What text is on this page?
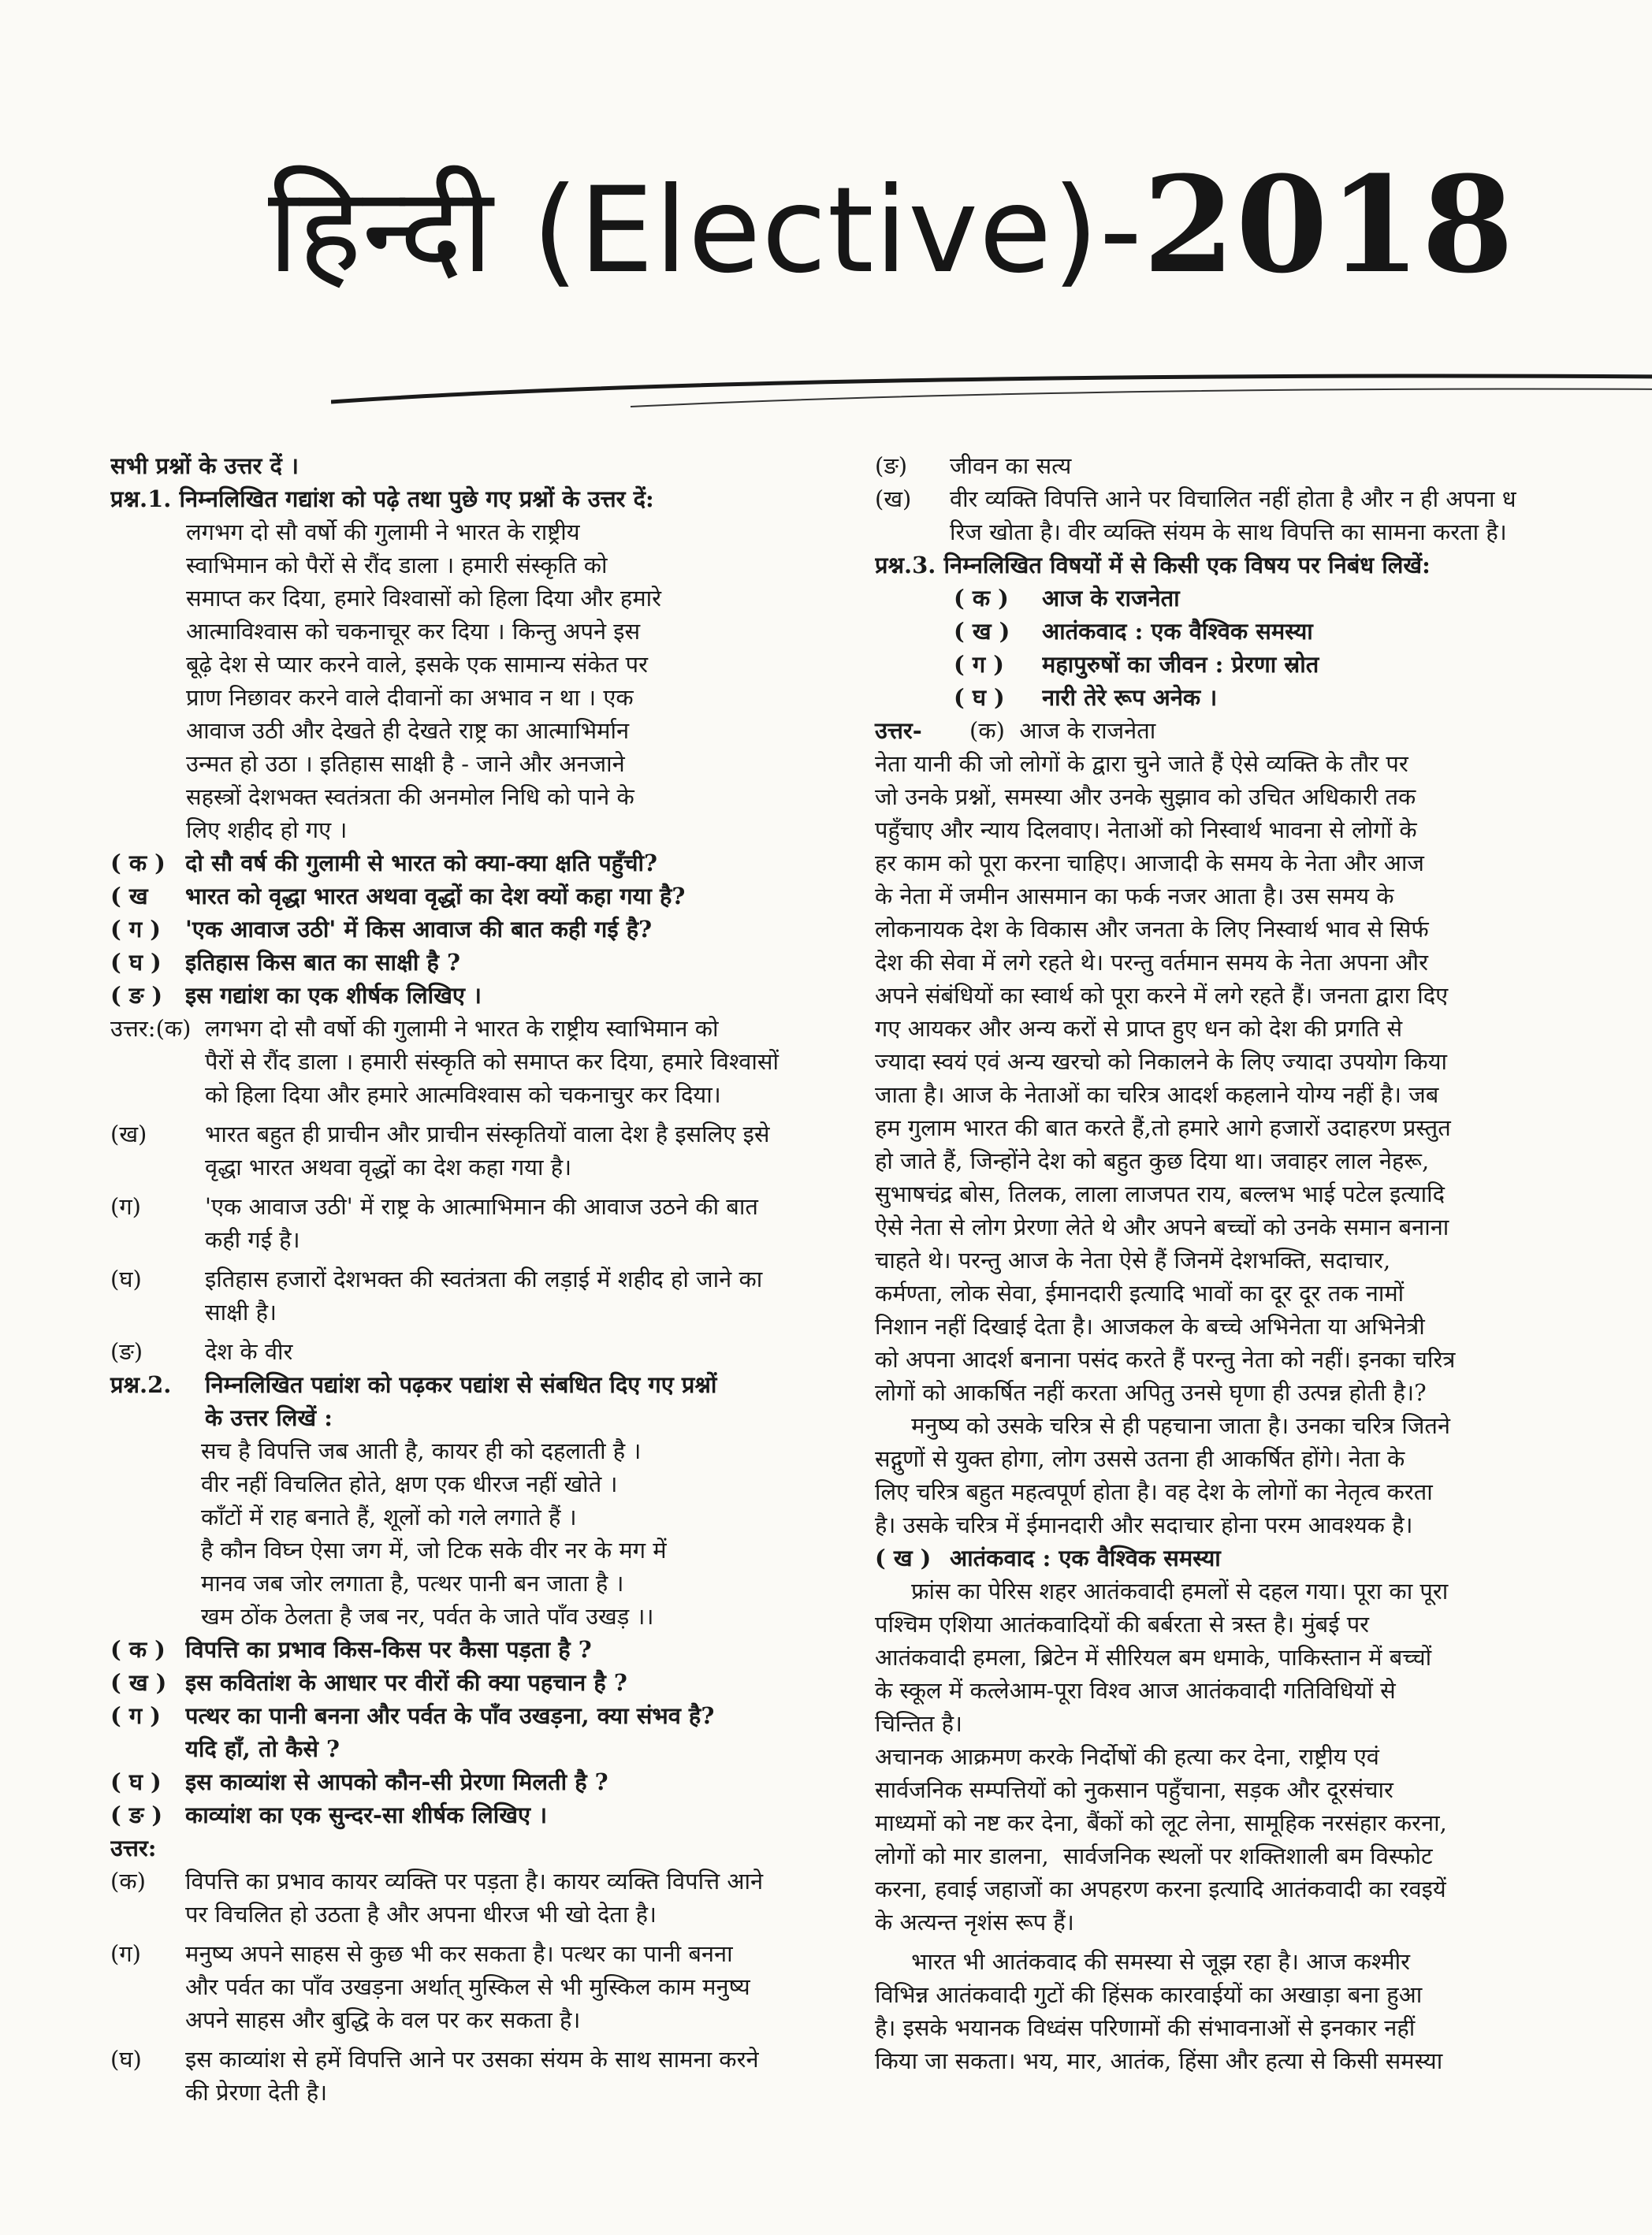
हिन्दी (Elective)-2018
सभी प्रश्नों के उत्तर दें ।
प्रश्न.1. निम्नलिखित गद्यांश को पढ़े तथा पुछे गए प्रश्नों के उत्तर दें:
लगभग दो सौ वर्षो की गुलामी ने भारत के राष्ट्रीय
स्वाभिमान को पैरों से रौंद डाला । हमारी संस्कृति को
समाप्त कर दिया, हमारे विश्वासों को हिला दिया और हमारे
आत्माविश्वास को चकनाचूर कर दिया । किन्तु अपने इस
बूढ़े देश से प्यार करने वाले, इसके एक सामान्य संकेत पर
प्राण निछावर करने वाले दीवानों का अभाव न था । एक
आवाज उठी और देखते ही देखते राष्ट्र का आत्माभिर्मान
उन्मत हो उठा । इतिहास साक्षी है - जाने और अनजाने
सहस्त्रों देशभक्त स्वतंत्रता की अनमोल निधि को पाने के
लिए शहीद हो गए ।
( क ) दो सौ वर्ष की गुलामी से भारत को क्या-क्या क्षति पहुँची?
( ख	भारत को वृद्धा भारत अथवा वृद्धों का देश क्यों कहा गया है?
( ग )	'एक आवाज उठी' में किस आवाज की बात कही गई है?
( घ )	इतिहास किस बात का साक्षी है ?
( ङ ) इस गद्यांश का एक शीर्षक लिखिए ।
उत्तर:(क) लगभग दो सौ वर्षो की गुलामी ने भारत के राष्ट्रीय स्वाभिमान को
पैरों से रौंद डाला । हमारी संस्कृति को समाप्त कर दिया, हमारे विश्वासों
को हिला दिया और हमारे आत्मविश्वास को चकनाचुर कर दिया।
(ख)	भारत बहुत ही प्राचीन और प्राचीन संस्कृतियों वाला देश है इसलिए इसे
वृद्धा भारत अथवा वृद्धों का देश कहा गया है।
(ग)	'एक आवाज उठी' में राष्ट्र के आत्माभिमान की आवाज उठने की बात
कही गई है।
(घ)	इतिहास हजारों देशभक्त की स्वतंत्रता की लड़ाई में शहीद हो जाने का
साक्षी है।
(ङ)	देश के वीर
प्रश्न.2.	निम्नलिखित पद्यांश को पढ़कर पद्यांश से संबधित दिए गए प्रश्नों
के उत्तर लिखें :
सच है विपत्ति जब आती है, कायर ही को दहलाती है ।
वीर नहीं विचलित होते, क्षण एक धीरज नहीं खोते ।
काँटों में राह बनाते हैं, शूलों को गले लगाते हैं ।
है कौन विघ्न ऐसा जग में, जो टिक सके वीर नर के मग में
मानव जब जोर लगाता है, पत्थर पानी बन जाता है ।
खम ठोंक ठेलता है जब नर, पर्वत के जाते पाँव उखड़ ।।
( क ) विपत्ति का प्रभाव किस-किस पर कैसा पड़ता है ?
( ख ) इस कवितांश के आधार पर वीरों की क्या पहचान है ?
( ग )	पत्थर का पानी बनना और पर्वत के पाँव उखड़ना, क्या संभव है?
यदि हाँ, तो कैसे ?
( घ )	इस काव्यांश से आपको कौन-सी प्रेरणा मिलती है ?
( ङ ) काव्यांश का एक सुन्दर-सा शीर्षक लिखिए ।
उत्तर:
(क)	विपत्ति का प्रभाव कायर व्यक्ति पर पड़ता है। कायर व्यक्ति विपत्ति आने
पर विचलित हो उठता है और अपना धीरज भी खो देता है।
(ग)	मनुष्य अपने साहस से कुछ भी कर सकता है। पत्थर का पानी बनना
और पर्वत का पाँव उखड़ना अर्थात् मुस्किल से भी मुस्किल काम मनुष्य
अपने साहस और बुद्धि के वल पर कर सकता है।
(घ)	इस काव्यांश से हमें विपत्ति आने पर उसका संयम के साथ सामना करने
की प्रेरणा देती है।
(ङ)	जीवन का सत्य
(ख)	वीर व्यक्ति विपत्ति आने पर विचालित नहीं होता है और न ही अपना ध
रिज खोता है। वीर व्यक्ति संयम के साथ विपत्ति का सामना करता है।
प्रश्न.3. निम्नलिखित विषयों में से किसी एक विषय पर निबंध लिखें:
( क )	आज के राजनेता
( ख )	आतंकवाद : एक वैश्विक समस्या
( ग )	महापुरुषों का जीवन : प्रेरणा स्रोत
( घ )	नारी तेरे रूप अनेक ।
उत्तर-	(क) आज के राजनेता
नेता यानी की जो लोगों के द्वारा चुने जाते हैं ऐसे व्यक्ति के तौर पर
जो उनके प्रश्नों, समस्या और उनके सुझाव को उचित अधिकारी तक
पहुँचाए और न्याय दिलवाए। नेताओं को निस्वार्थ भावना से लोगों के
हर काम को पूरा करना चाहिए। आजादी के समय के नेता और आज
के नेता में जमीन आसमान का फर्क नजर आता है। उस समय के
लोकनायक देश के विकास और जनता के लिए निस्वार्थ भाव से सिर्फ
देश की सेवा में लगे रहते थे। परन्तु वर्तमान समय के नेता अपना और
अपने संबंधियों का स्वार्थ को पूरा करने में लगे रहते हैं। जनता द्वारा दिए
गए आयकर और अन्य करों से प्राप्त हुए धन को देश की प्रगति से
ज्यादा स्वयं एवं अन्य खरचो को निकालने के लिए ज्यादा उपयोग किया
जाता है। आज के नेताओं का चरित्र आदर्श कहलाने योग्य नहीं है। जब
हम गुलाम भारत की बात करते हैं,तो हमारे आगे हजारों उदाहरण प्रस्तुत
हो जाते हैं, जिन्होंने देश को बहुत कुछ दिया था। जवाहर लाल नेहरू,
सुभाषचंद्र बोस, तिलक, लाला लाजपत राय, बल्लभ भाई पटेल इत्यादि
ऐसे नेता से लोग प्रेरणा लेते थे और अपने बच्चों को उनके समान बनाना
चाहते थे। परन्तु आज के नेता ऐसे हैं जिनमें देशभक्ति, सदाचार,
कर्मण्ता, लोक सेवा, ईमानदारी इत्यादि भावों का दूर दूर तक नामों
निशान नहीं दिखाई देता है। आजकल के बच्चे अभिनेता या अभिनेत्री
को अपना आदर्श बनाना पसंद करते हैं परन्तु नेता को नहीं। इनका चरित्र
लोगों को आकर्षित नहीं करता अपितु उनसे घृणा ही उत्पन्न होती है।?
मनुष्य को उसके चरित्र से ही पहचाना जाता है। उनका चरित्र जितने
सद्गुणों से युक्त होगा, लोग उससे उतना ही आकर्षित होंगे। नेता के
लिए चरित्र बहुत महत्वपूर्ण होता है। वह देश के लोगों का नेतृत्व करता
है। उसके चरित्र में ईमानदारी और सदाचार होना परम आवश्यक है।
( ख ) आतंकवाद : एक वैश्विक समस्या
फ्रांस का पेरिस शहर आतंकवादी हमलों से दहल गया। पूरा का पूरा
पश्चिम एशिया आतंकवादियों की बर्बरता से त्रस्त है। मुंबई पर
आतंकवादी हमला, ब्रिटेन में सीरियल बम धमाके, पाकिस्तान में बच्चों
के स्कूल में कत्लेआम-पूरा विश्व आज आतंकवादी गतिविधियों से
चिन्तित है।
अचानक आक्रमण करके निर्दोषों की हत्या कर देना, राष्ट्रीय एवं
सार्वजनिक सम्पत्तियों को नुकसान पहुँचाना, सड़क और दूरसंचार
माध्यमों को नष्ट कर देना, बैंकों को लूट लेना, सामूहिक नरसंहार करना,
लोगों को मार डालना,  सार्वजनिक स्थलों पर शक्तिशाली बम विस्फोट
करना, हवाई जहाजों का अपहरण करना इत्यादि आतंकवादी का रवइयें
के अत्यन्त नृशंस रूप हैं।
भारत भी आतंकवाद की समस्या से जूझ रहा है। आज कश्मीर
विभिन्न आतंकवादी गुटों की हिंसक कारवाईयों का अखाड़ा बना हुआ
है। इसके भयानक विध्वंस परिणामों की संभावनाओं से इनकार नहीं
किया जा सकता। भय, मार, आतंक, हिंसा और हत्या से किसी समस्या
